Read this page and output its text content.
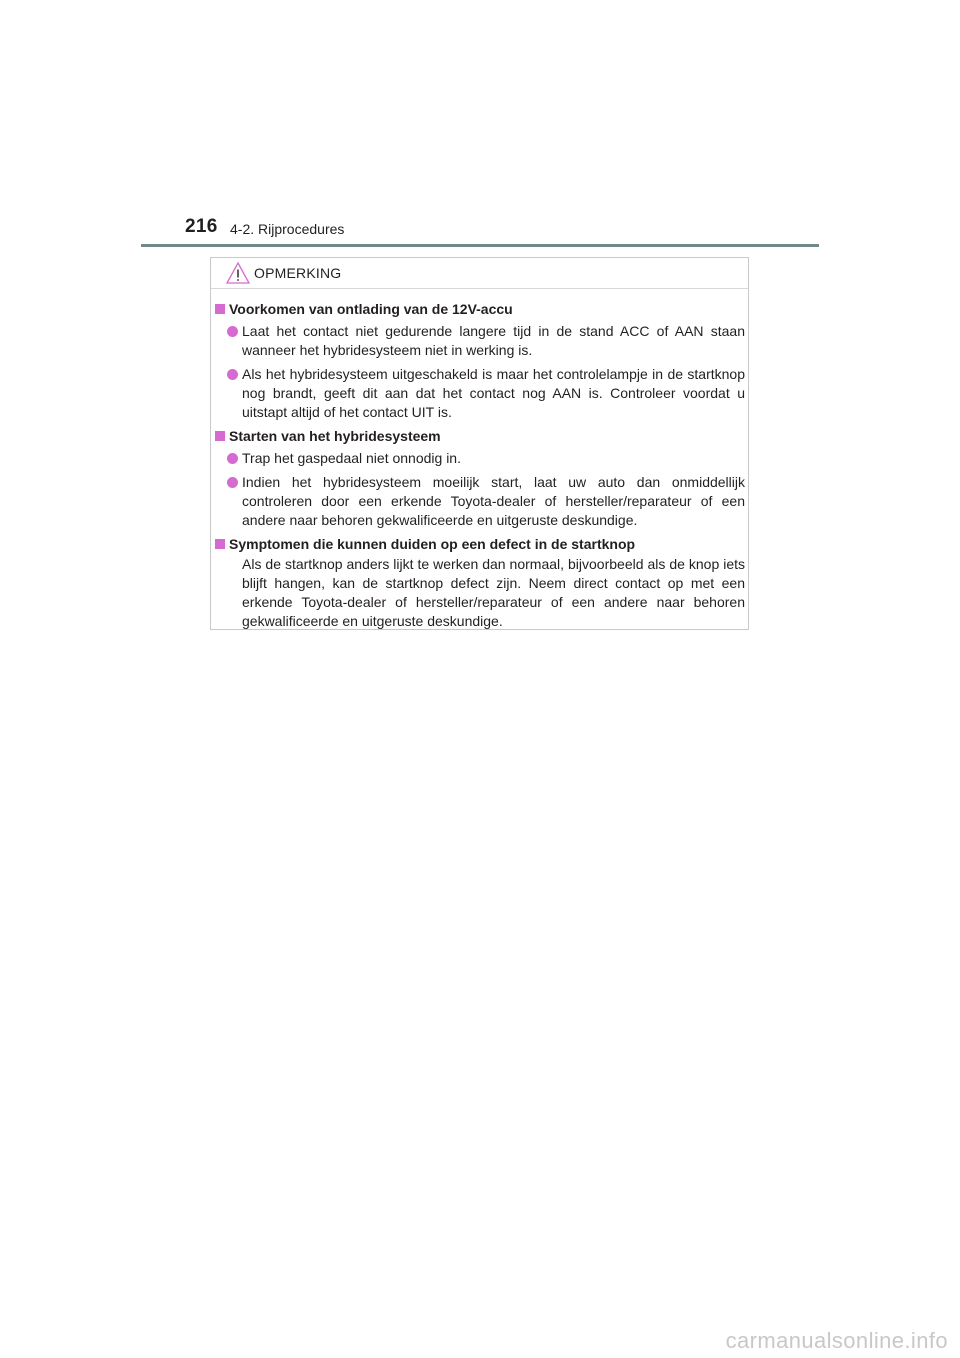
216 4-2. Rijprocedures
OPMERKING
Voorkomen van ontlading van de 12V-accu
Laat het contact niet gedurende langere tijd in de stand ACC of AAN staan wanneer het hybridesysteem niet in werking is.
Als het hybridesysteem uitgeschakeld is maar het controlelampje in de startknop nog brandt, geeft dit aan dat het contact nog AAN is. Controleer voordat u uitstapt altijd of het contact UIT is.
Starten van het hybridesysteem
Trap het gaspedaal niet onnodig in.
Indien het hybridesysteem moeilijk start, laat uw auto dan onmiddellijk controleren door een erkende Toyota-dealer of hersteller/reparateur of een andere naar behoren gekwalificeerde en uitgeruste deskundige.
Symptomen die kunnen duiden op een defect in de startknop
Als de startknop anders lijkt te werken dan normaal, bijvoorbeeld als de knop iets blijft hangen, kan de startknop defect zijn. Neem direct contact op met een erkende Toyota-dealer of hersteller/reparateur of een andere naar behoren gekwalificeerde en uitgeruste deskundige.
carmanualsonline.info
